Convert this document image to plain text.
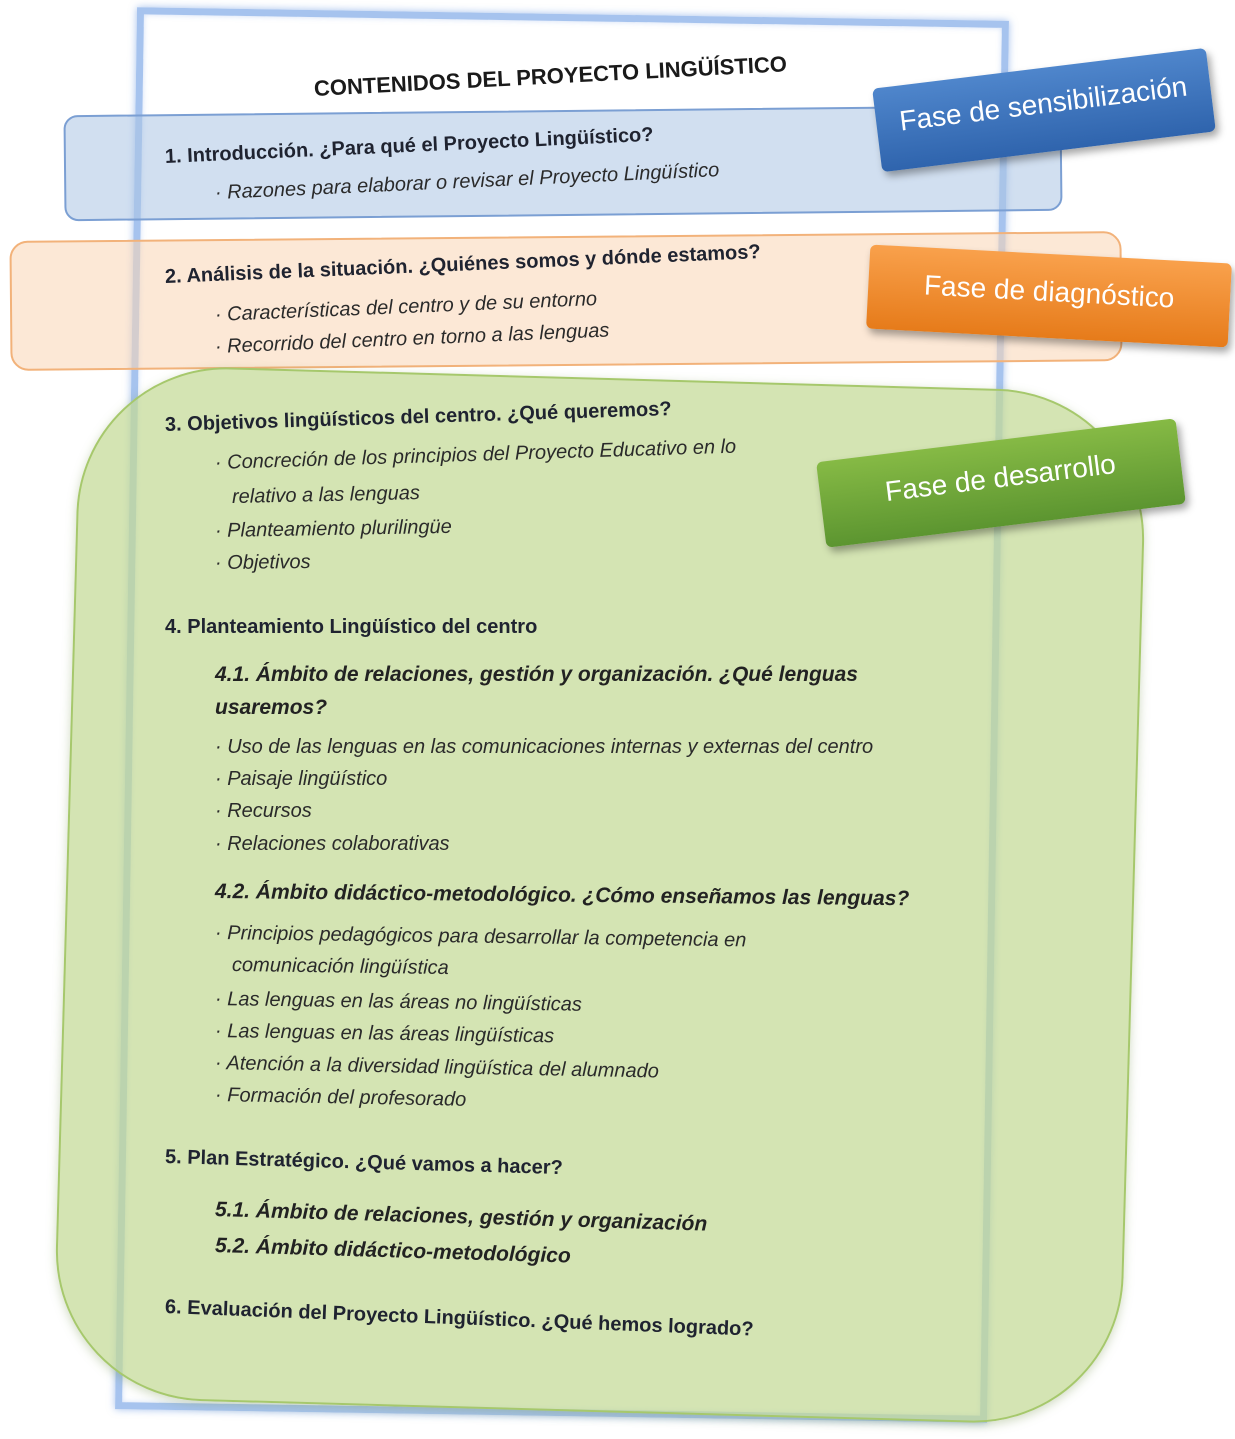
CONTENIDOS DEL PROYECTO LINGÜÍSTICO
1. Introducción. ¿Para qué el Proyecto Lingüístico?
· Razones para elaborar o revisar el Proyecto Lingüístico
2. Análisis de la situación. ¿Quiénes somos y dónde estamos?
· Características del centro y de su entorno
· Recorrido del centro en torno a las lenguas
3. Objetivos lingüísticos del centro. ¿Qué queremos?
· Concreción de los principios del Proyecto Educativo en lo
relativo a las lenguas
· Planteamiento plurilingüe
· Objetivos
4. Planteamiento Lingüístico del centro
4.1. Ámbito de relaciones, gestión y organización. ¿Qué lenguas
usaremos?
· Uso de las lenguas en las comunicaciones internas y externas del centro
· Paisaje lingüístico
· Recursos
· Relaciones colaborativas
4.2. Ámbito didáctico-metodológico. ¿Cómo enseñamos las lenguas?
· Principios pedagógicos para desarrollar la competencia en
comunicación lingüística
· Las lenguas en las áreas no lingüísticas
· Las lenguas en las áreas lingüísticas
· Atención a la diversidad lingüística del alumnado
· Formación del profesorado
5. Plan Estratégico. ¿Qué vamos a hacer?
5.1. Ámbito de relaciones, gestión y organización
5.2. Ámbito didáctico-metodológico
6. Evaluación del Proyecto Lingüístico. ¿Qué hemos logrado?
Fase de sensibilización
Fase de diagnóstico
Fase de desarrollo
